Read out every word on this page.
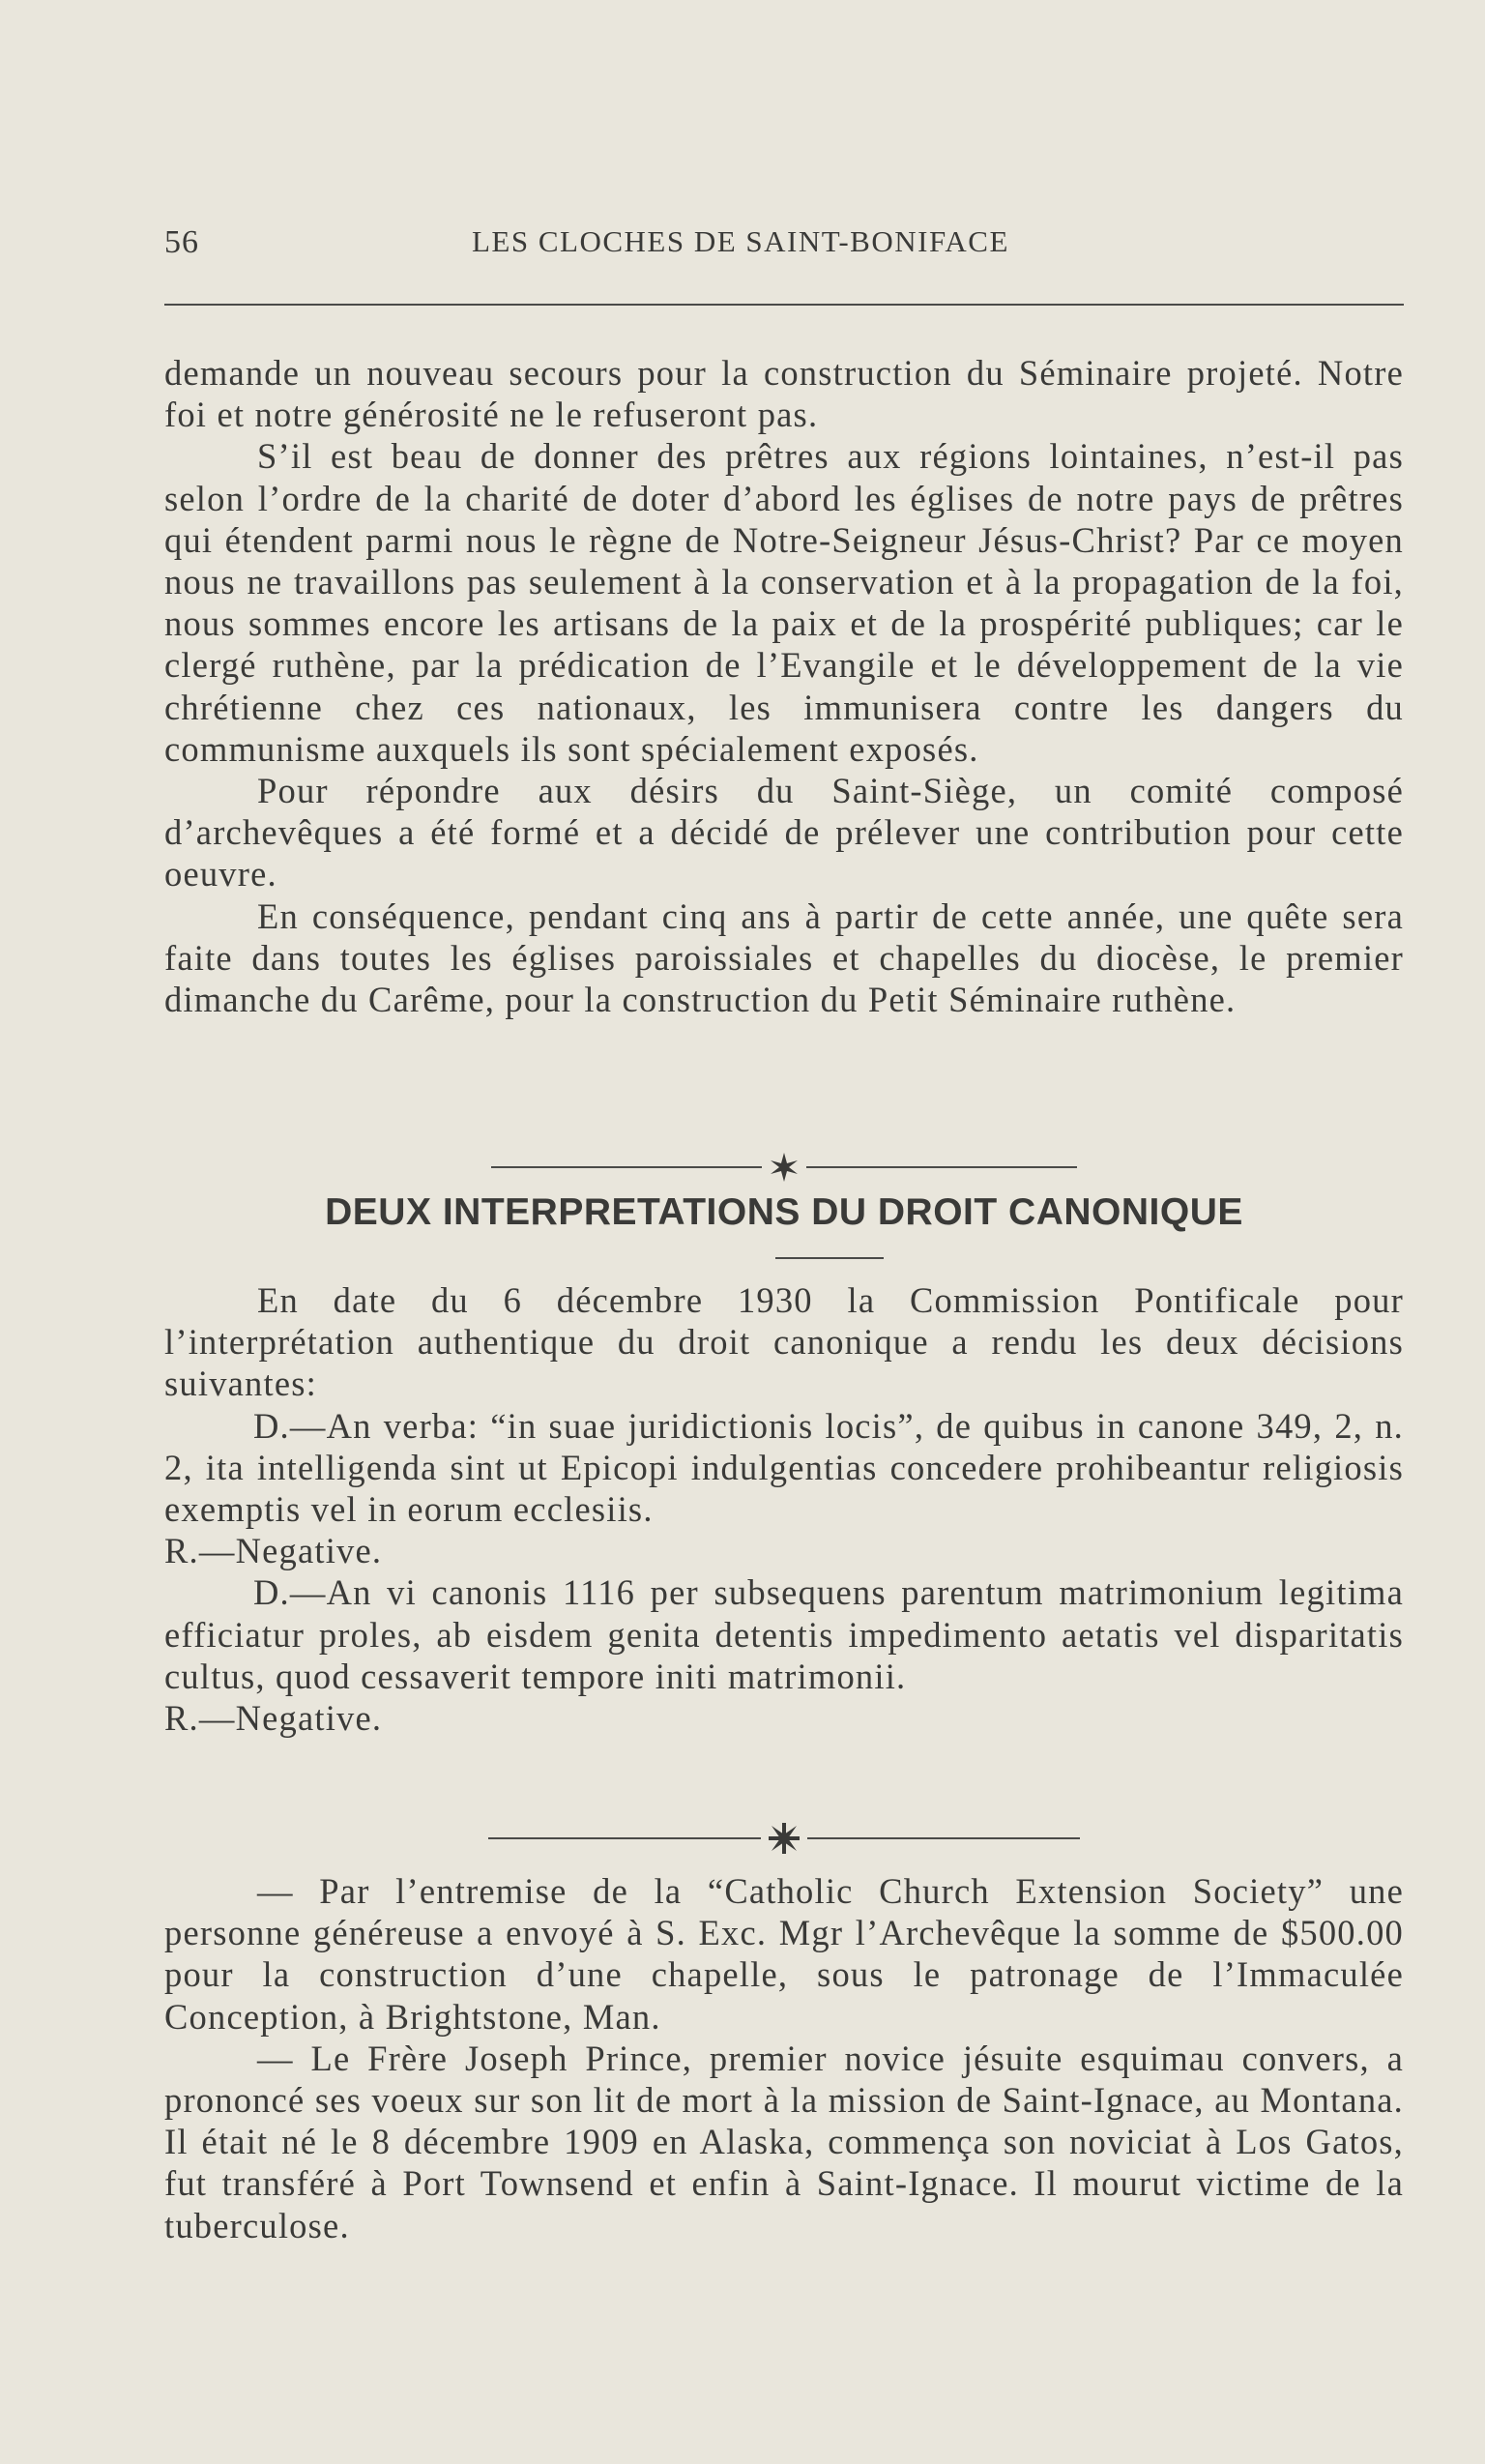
56	LES CLOCHES DE SAINT-BONIFACE

demande un nouveau secours pour la construction du Séminaire projeté. Notre foi et notre générosité ne le refuseront pas.

S’il est beau de donner des prêtres aux régions lointaines, n’est-il pas selon l’ordre de la charité de doter d’abord les églises de notre pays de prêtres qui étendent parmi nous le règne de Notre-Seigneur Jésus-Christ? Par ce moyen nous ne travaillons pas seulement à la conservation et à la propagation de la foi, nous sommes encore les artisans de la paix et de la prospérité publiques; car le clergé ruthène, par la prédication de l’Evangile et le développement de la vie chrétienne chez ces nationaux, les immunisera contre les dangers du communisme auxquels ils sont spécialement exposés.

Pour répondre aux désirs du Saint-Siège, un comité composé d’archevêques a été formé et a décidé de prélever une contribution pour cette oeuvre.

En conséquence, pendant cinq ans à partir de cette année, une quête sera faite dans toutes les églises paroissiales et chapelles du diocèse, le premier dimanche du Carême, pour la construction du Petit Séminaire ruthène.

DEUX INTERPRETATIONS DU DROIT CANONIQUE

En date du 6 décembre 1930 la Commission Pontificale pour l’interprétation authentique du droit canonique a rendu les deux décisions suivantes:

D.—An verba: “in suae juridictionis locis”, de quibus in canone 349, 2, n. 2, ita intelligenda sint ut Epicopi indulgentias concedere prohibeantur religiosis exemptis vel in eorum ecclesiis.

R.—Negative.

D.—An vi canonis 1116 per subsequens parentum matrimonium legitima efficiatur proles, ab eisdem genita detentis impedimento aetatis vel disparitatis cultus, quod cessaverit tempore initi matrimonii.

R.—Negative.

— Par l’entremise de la “Catholic Church Extension Society” une personne généreuse a envoyé à S. Exc. Mgr l’Archevêque la somme de $500.00 pour la construction d’une chapelle, sous le patronage de l’Immaculée Conception, à Brightstone, Man.

— Le Frère Joseph Prince, premier novice jésuite esquimau convers, a prononcé ses voeux sur son lit de mort à la mission de Saint-Ignace, au Montana. Il était né le 8 décembre 1909 en Alaska, commença son noviciat à Los Gatos, fut transféré à Port Townsend et enfin à Saint-Ignace. Il mourut victime de la tuberculose.
